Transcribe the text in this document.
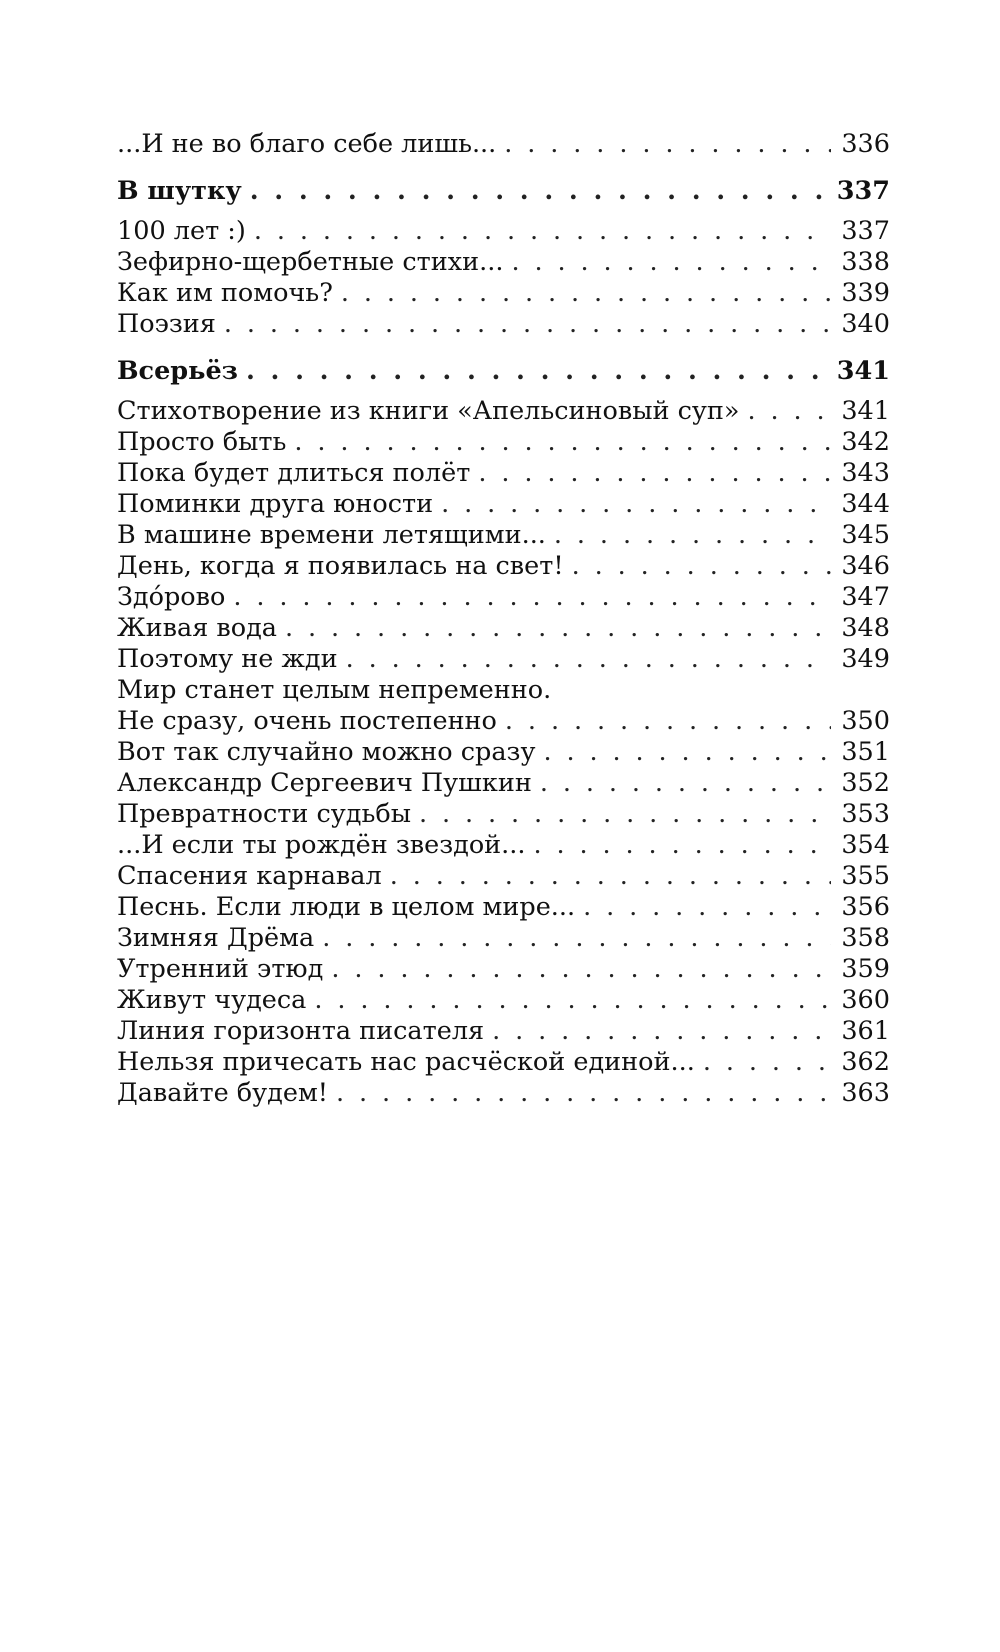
...И не во благо себе лишь... . . .	336
В шутку . . .	337
100 лет :) . . .	337
Зефирно-щербетные стихи... . . .	338
Как им помочь? . . .	339
Поэзия . . .	340
Всерьёз . . .	341
Стихотворение из книги «Апельсиновый суп» . . .	341
Просто быть . . .	342
Пока будет длиться полёт . . .	343
Поминки друга юности . . .	344
В машине времени летящими... . . .	345
День, когда я появилась на свет! . . .	346
Здо́рово . . .	347
Живая вода . . .	348
Поэтому не жди . . .	349
Мир станет целым непременно.
Не сразу, очень постепенно . . .	350
Вот так случайно можно сразу . . .	351
Александр Сергеевич Пушкин . . .	352
Превратности судьбы . . .	353
...И если ты рождён звездой... . . .	354
Спасения карнавал . . .	355
Песнь. Если люди в целом мире... . . .	356
Зимняя Дрёма . . .	358
Утренний этюд . . .	359
Живут чудеса . . .	360
Линия горизонта писателя . . .	361
Нельзя причесать нас расчёской единой... . . .	362
Давайте будем! . . .	363
